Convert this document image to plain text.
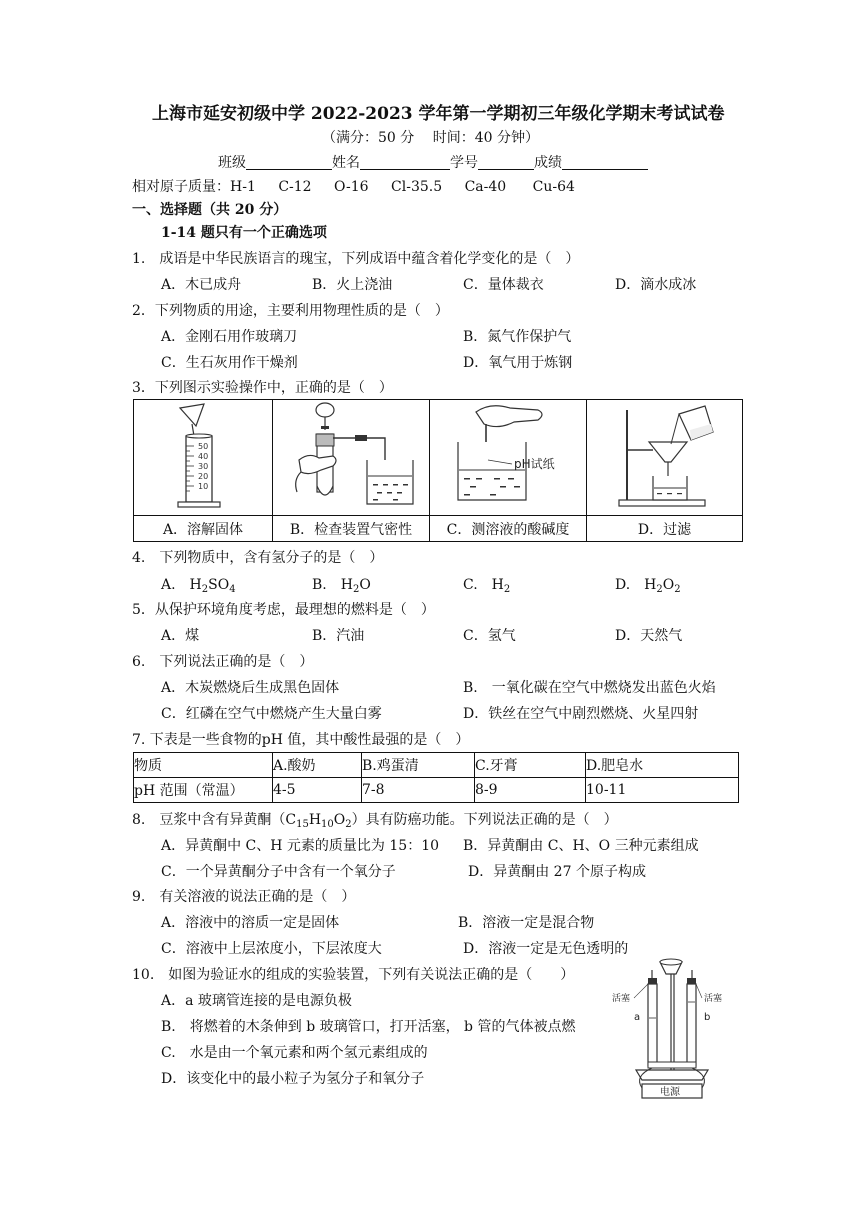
上海市延安初级中学 2022-2023 学年第一学期初三年级化学期末考试试卷
（满分：50 分　 时间：40 分钟）
班级	姓名	学号	成绩
相对原子质量：H-1 C-12 O-16 Cl-35.5 Ca-40 Cu-64
一、选择题（共 20 分）
1-14 题只有一个正确选项
1.　成语是中华民族语言的瑰宝，下列成语中蕴含着化学变化的是（　）
A．木已成舟	B．火上浇油	C．量体裁衣	D．滴水成冰
2．下列物质的用途，主要利用物理性质的是（　）
A．金刚石用作玻璃刀	B．氮气作保护气
C．生石灰用作干燥剂	D．氧气用于炼钢
3．下列图示实验操作中，正确的是（　）
50
40
30
20
10		pH试纸

A．溶解固体	B．检查装置气密性	C．测溶液的酸碱度	D．过滤
4.　下列物质中，含有氢分子的是（　）
A.　$H_2SO_4$	B.　$H_2O$	C.　$H_2$	D.　$H_2O_2$
5．从保护环境角度考虑，最理想的燃料是（　）
A．煤	B．汽油	C．氢气	D．天然气
6.　下列说法正确的是（　）
A．木炭燃烧后生成黑色固体	B.　一氧化碳在空气中燃烧发出蓝色火焰
C．红磷在空气中燃烧产生大量白雾	D．铁丝在空气中剧烈燃烧、火星四射
7. 下表是一些食物的pH 值，其中酸性最强的是（　）
物质	A.酸奶	B.鸡蛋清	C.牙膏	D.肥皂水
pH 范围（常温）	4-5	7-8	8-9	10-11
8.　豆浆中含有异黄酮$(C_{15}H_{10}O_2)$具有防癌功能。下列说法正确的是（　）
A．异黄酮中 C、H 元素的质量比为 15：10 B．异黄酮由 C、H、O 三种元素组成
C．一个异黄酮分子中含有一个氧分子	D．异黄酮由 27 个原子构成
9.　有关溶液的说法正确的是（　）
A．溶液中的溶质一定是固体	B．溶液一定是混合物
C．溶液中上层浓度小，下层浓度大	D．溶液一定是无色透明的
10.　如图为验证水的组成的实验装置，下列有关说法正确的是（　　）
A．a 玻璃管连接的是电源负极
B.　将燃着的木条伸到 b 玻璃管口，打开活塞， b 管的气体被点燃
C.　水是由一个氧元素和两个氢元素组成的
D．该变化中的最小粒子为氢分子和氧分子
电源
活塞	活塞
a	b
